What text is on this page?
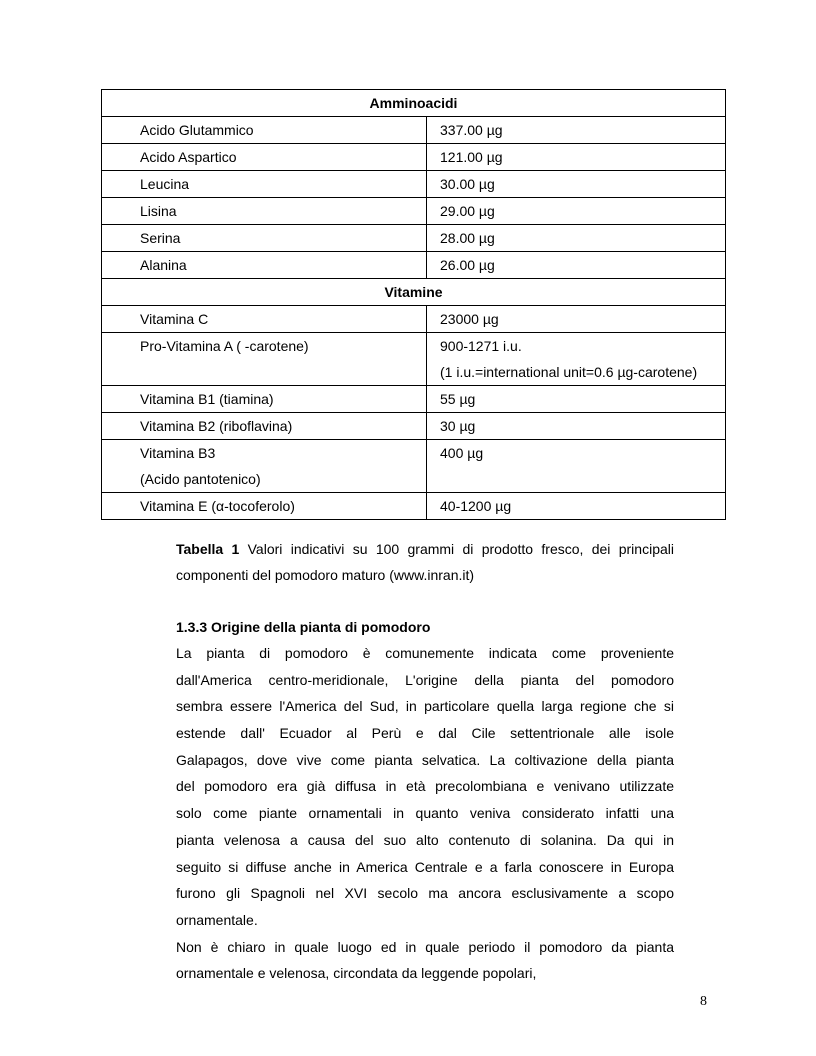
Amminoacidi	
Acido Glutammico	337.00 µg
Acido Aspartico	121.00 µg
Leucina	30.00 µg
Lisina	29.00 µg
Serina	28.00 µg
Alanina	26.00 µg
Vitamine	
Vitamina C	23000 µg
Pro-Vitamina A ( -carotene)	900-1271 i.u.
(1 i.u.=international unit=0.6 µg-carotene)

Vitamina B1 (tiamina)	55 µg
Vitamina B2 (riboflavina)	30 µg

Vitamina B3
(Acido pantotenico)	400 µg
Vitamina E (α-tocoferolo)	40-1200 µg
Tabella 1 Valori indicativi su 100 grammi di prodotto fresco, dei principali
componenti del pomodoro maturo (www.inran.it)
1.3.3 Origine della pianta di pomodoro
La pianta di pomodoro è comunemente indicata come proveniente
dall'America centro-meridionale, L'origine della pianta del pomodoro
sembra essere l'America del Sud, in particolare quella larga regione che si
estende dall' Ecuador al Perù e dal Cile settentrionale alle isole
Galapagos, dove vive come pianta selvatica. La coltivazione della pianta
del pomodoro era già diffusa in età precolombiana e venivano utilizzate
solo come piante ornamentali in quanto veniva considerato infatti una
pianta velenosa a causa del suo alto contenuto di solanina. Da qui in
seguito si diffuse anche in America Centrale e a farla conoscere in Europa
furono gli Spagnoli nel XVI secolo ma ancora esclusivamente a scopo
ornamentale.
Non è chiaro in quale luogo ed in quale periodo il pomodoro da pianta
ornamentale e velenosa, circondata da leggende popolari,
8
